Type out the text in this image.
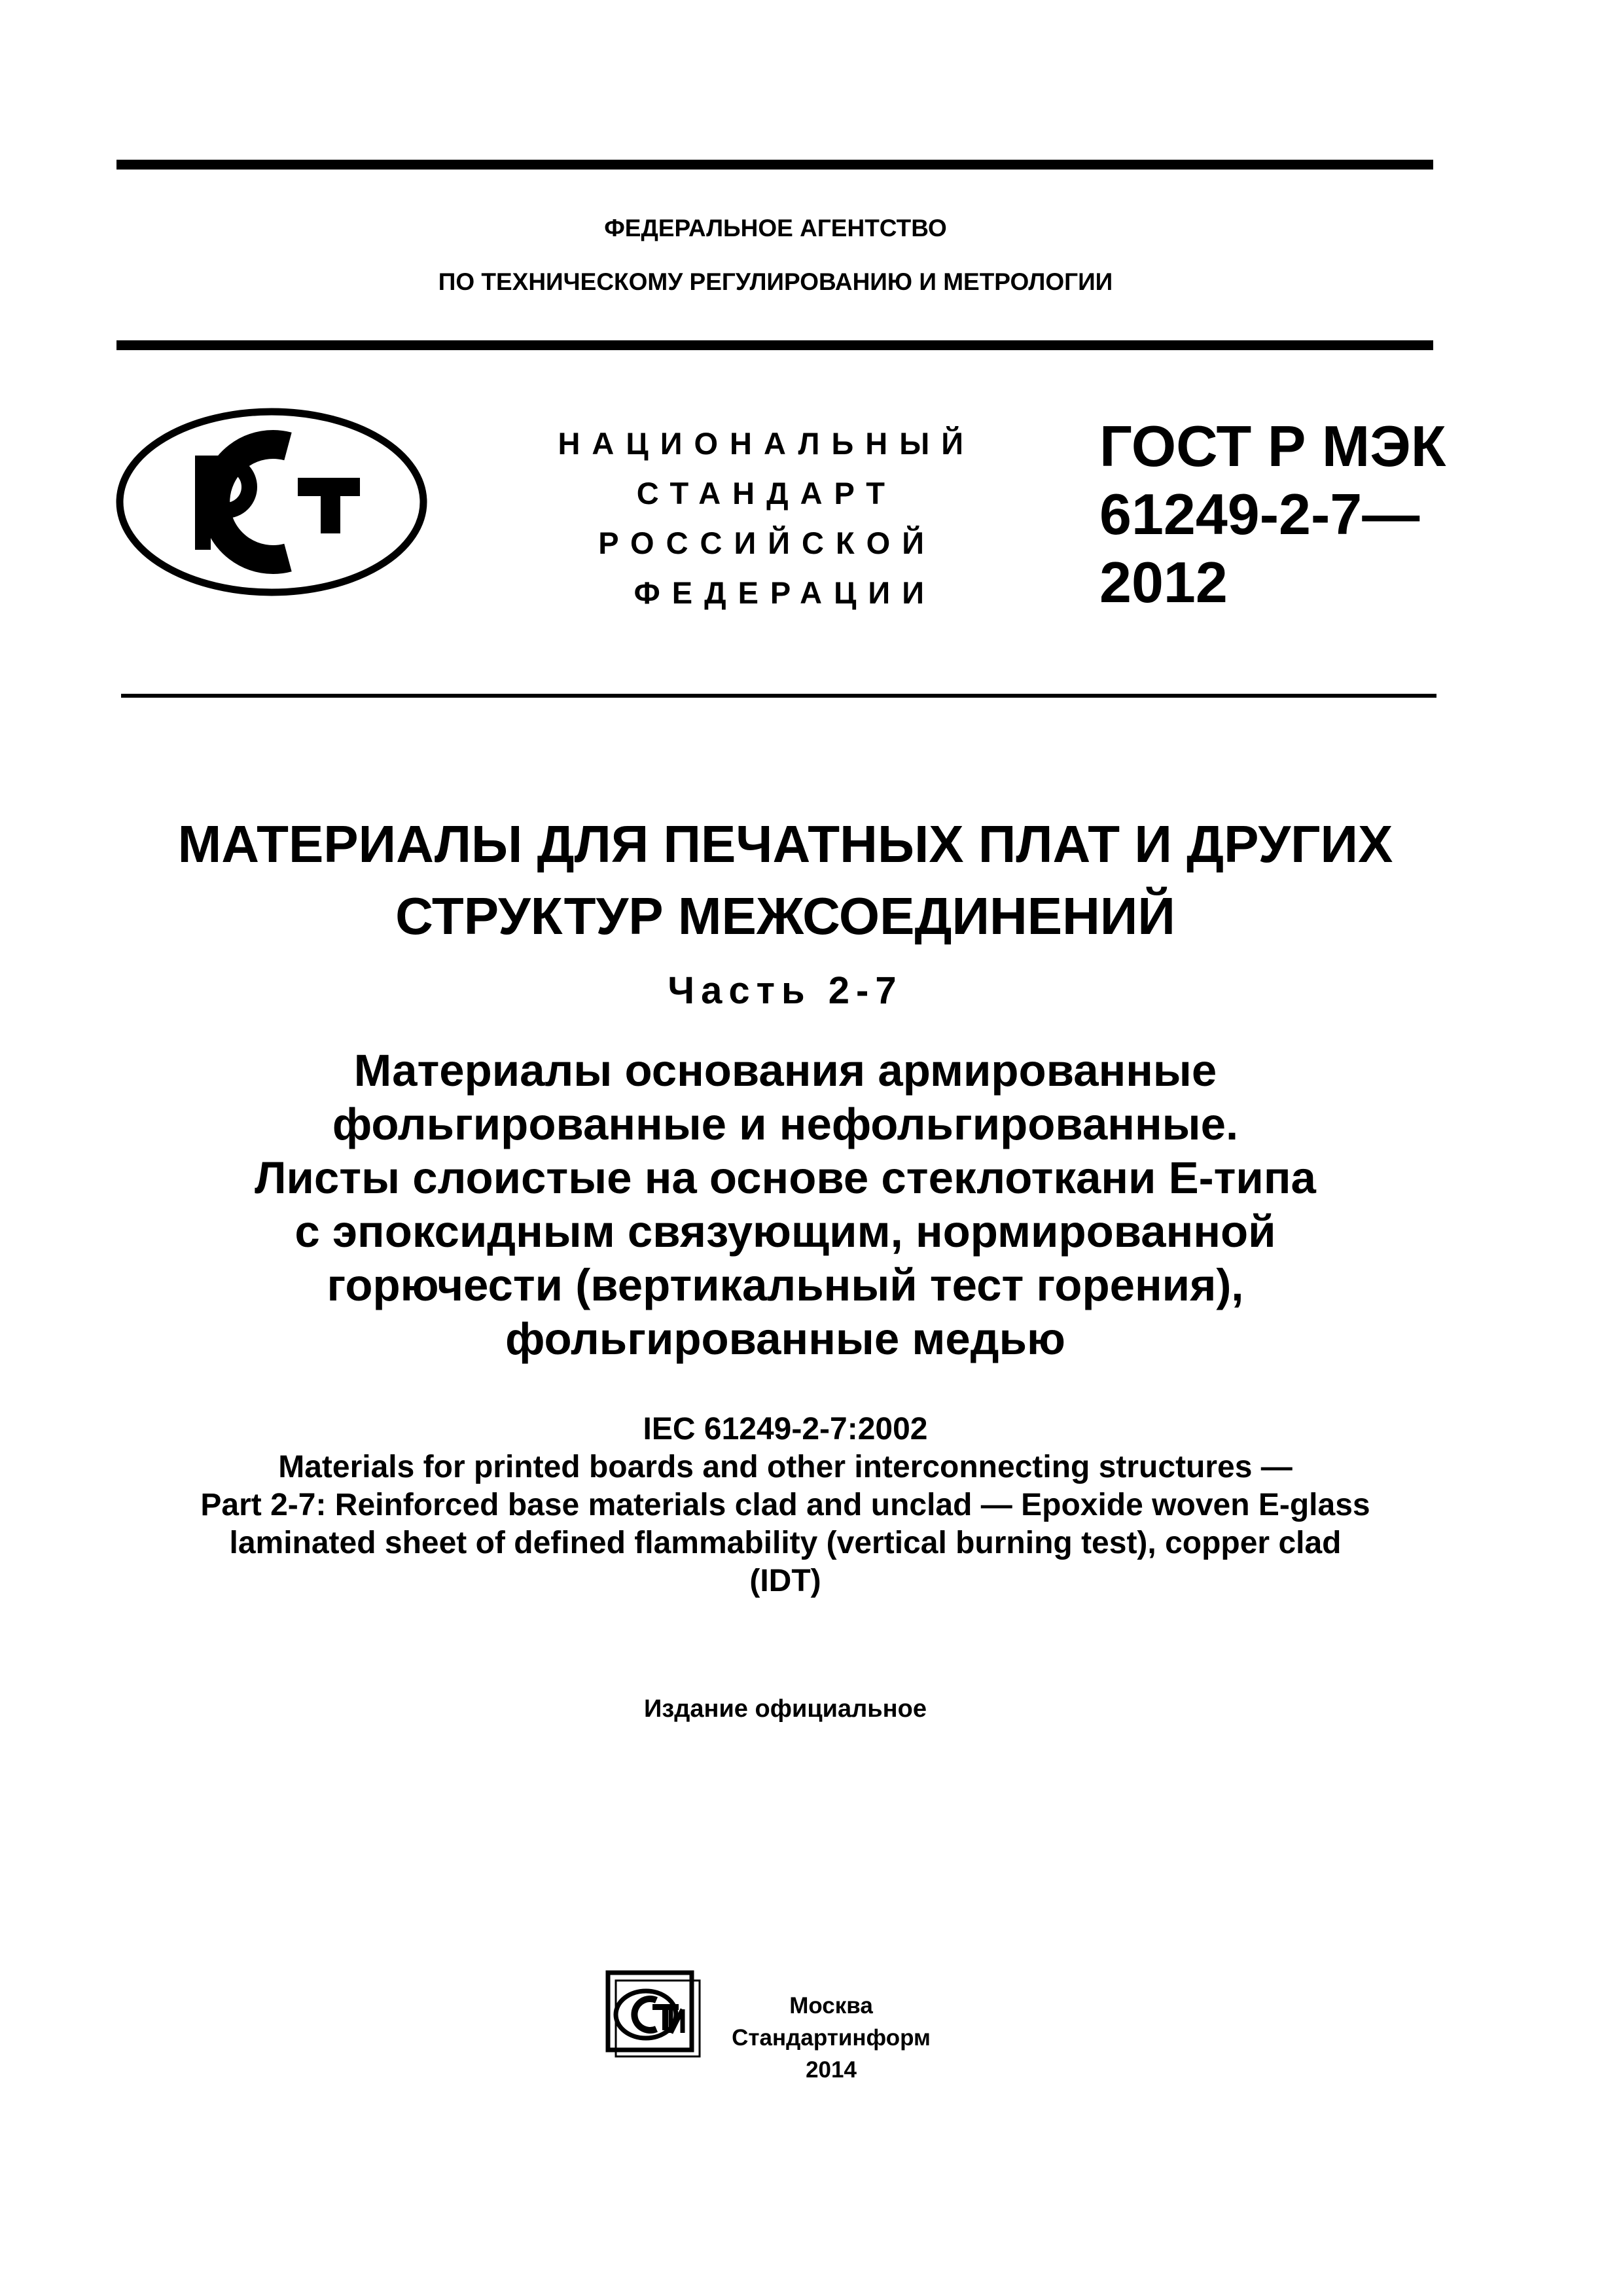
ФЕДЕРАЛЬНОЕ АГЕНТСТВО
ПО ТЕХНИЧЕСКОМУ РЕГУЛИРОВАНИЮ И МЕТРОЛОГИИ
НАЦИОНАЛЬНЫЙ
СТАНДАРТ
РОССИЙСКОЙ
ФЕДЕРАЦИИ
ГОСТ Р МЭК
61249-2-7—
2012
МАТЕРИАЛЫ ДЛЯ ПЕЧАТНЫХ ПЛАТ И ДРУГИХ
СТРУКТУР МЕЖСОЕДИНЕНИЙ
Часть 2-7
Материалы основания армированные
фольгированные и нефольгированные.
Листы слоистые на основе стеклоткани Е-типа
с эпоксидным связующим, нормированной
горючести (вертикальный тест горения),
фольгированные медью
IEC 61249-2-7:2002
Materials for printed boards and other interconnecting structures —
Part 2-7: Reinforced base materials clad and unclad — Epoxide woven E-glass
laminated sheet of defined flammability (vertical burning test), copper clad
(IDT)
Издание официальное
Москва
Стандартинформ
2014
